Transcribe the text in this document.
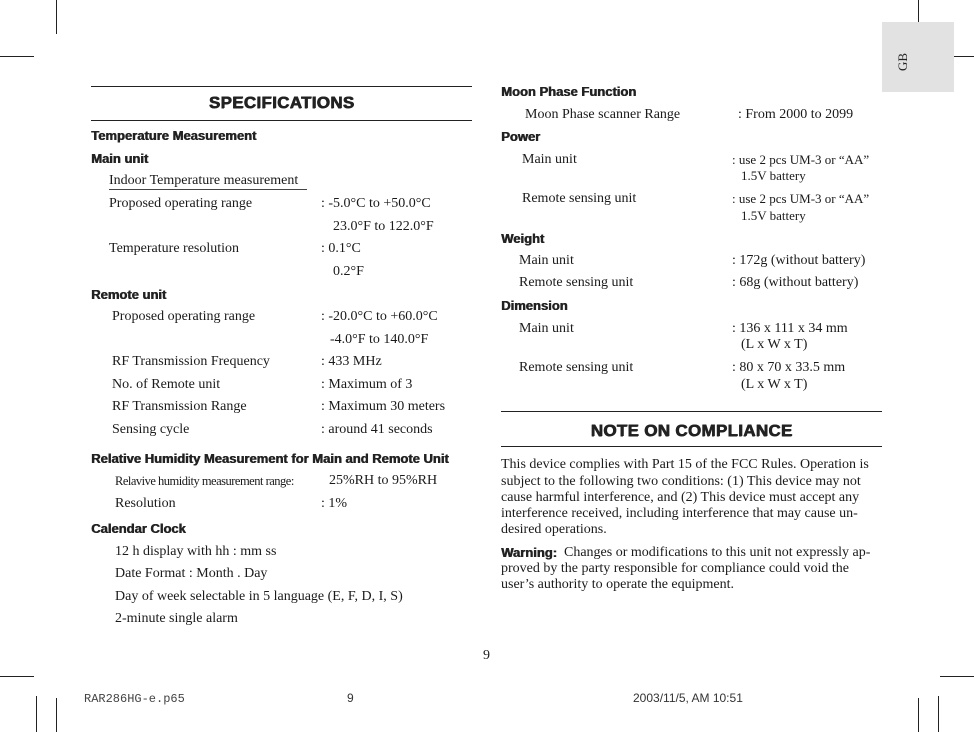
GB
SPECIFICATIONS
Temperature Measurement
Main unit
Indoor Temperature measurement
Proposed operating range	: -5.0°C to +50.0°C
23.0°F to 122.0°F
Temperature resolution	: 0.1°C
0.2°F
Remote unit
Proposed operating range	: -20.0°C to +60.0°C
-4.0°F to 140.0°F
RF Transmission Frequency	: 433 MHz
No. of Remote unit	: Maximum of 3
RF Transmission Range	: Maximum 30 meters
Sensing cycle	: around 41 seconds
Relative Humidity Measurement for Main and Remote Unit
Relavive humidity measurement range:	25%RH to 95%RH
Resolution	: 1%
Calendar Clock
12 h display with hh : mm ss
Date Format : Month . Day
Day of week selectable in 5 language (E, F, D, I, S)
2-minute single alarm
Moon Phase Function
Moon Phase scanner Range	: From 2000 to 2099
Power
Main unit	: use 2 pcs UM-3 or “AA”
1.5V battery
Remote sensing unit	: use 2 pcs UM-3 or “AA”
1.5V battery
Weight
Main unit	: 172g (without battery)
Remote sensing unit	: 68g (without battery)
Dimension
Main unit	: 136 x 111 x 34 mm
(L x W x T)
Remote sensing unit	: 80 x 70 x 33.5 mm
(L x W x T)
NOTE ON COMPLIANCE
This device complies with Part 15 of the FCC Rules. Operation is
subject to the following two conditions: (1) This device may not
cause harmful interference, and (2) This device must accept any
interference received, including interference that may cause un-
desired operations.
Warning: Changes or modifications to this unit not expressly ap-
proved by the party responsible for compliance could void the
user’s authority to operate the equipment.
9
RAR286HG-e.p65	9	2003/11/5, AM 10:51
